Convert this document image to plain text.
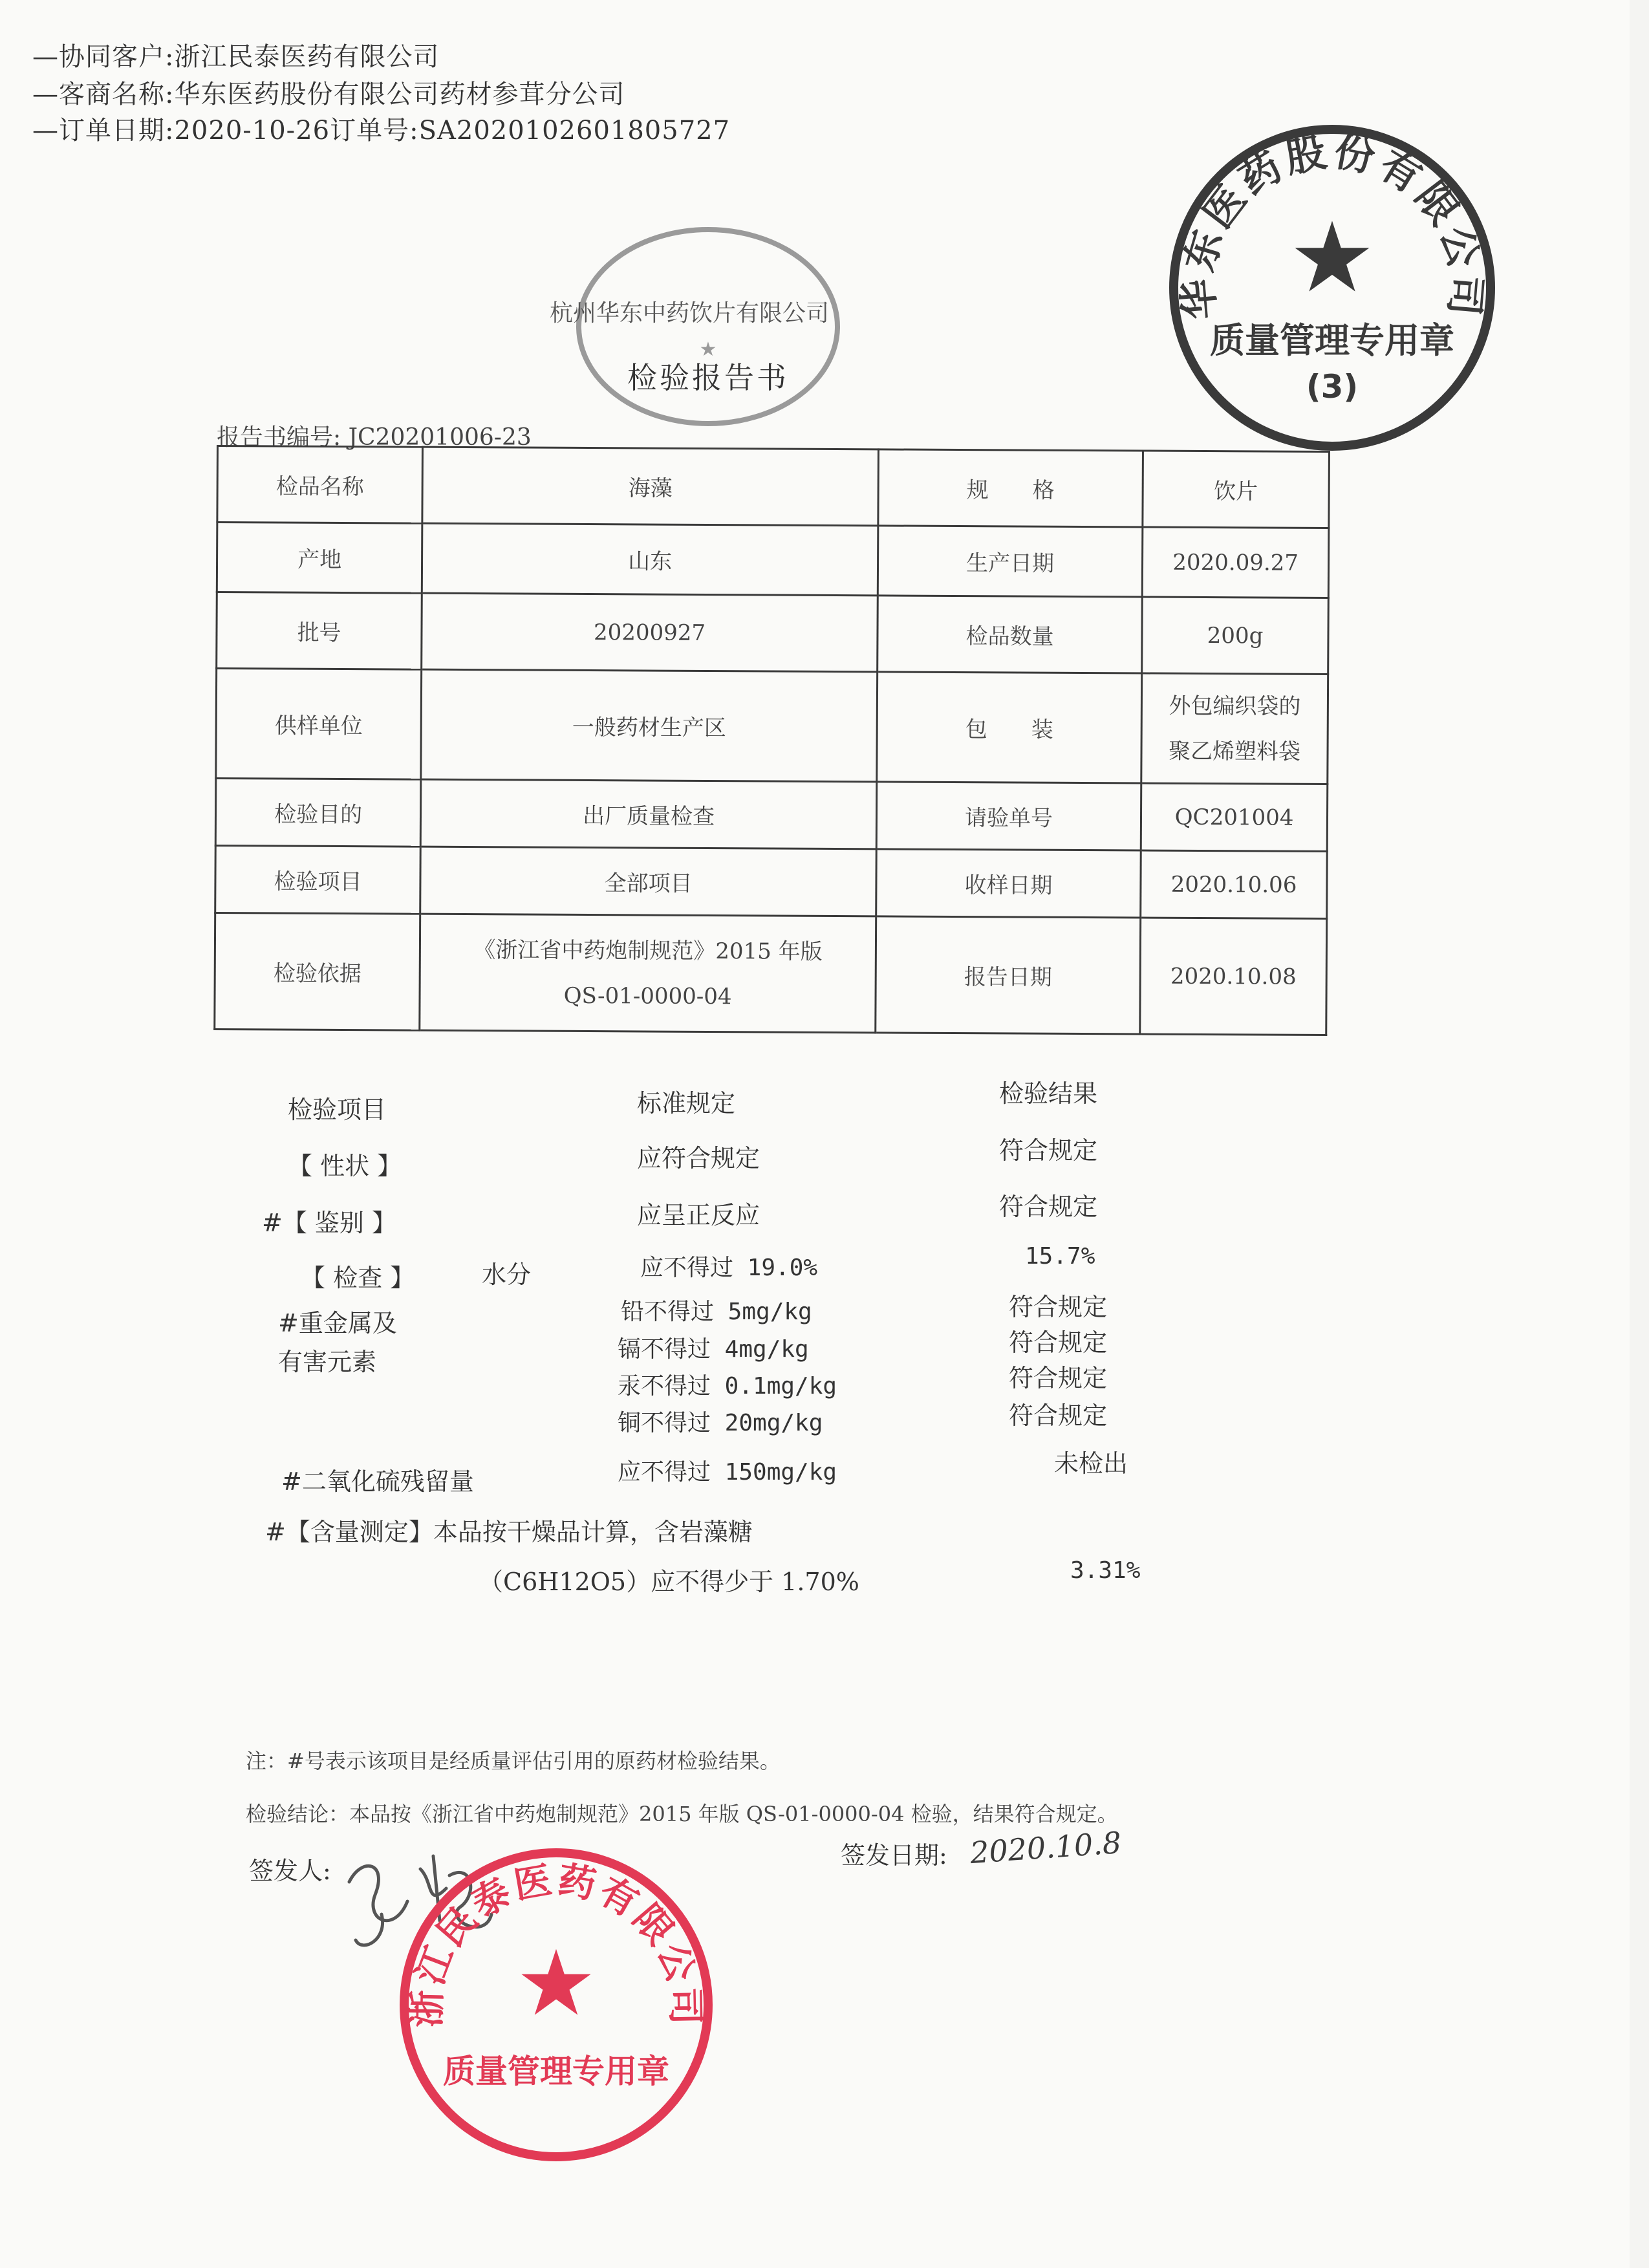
—协同客户:浙江民泰医药有限公司
—客商名称:华东医药股份有限公司药材参茸分公司
—订单日期:2020-10-26订单号:SA2020102601805727
★
杭州华东中药饮片有限公司
检验报告书
华东医药股份有限公司
★
质量管理专用章
(3)
报告书编号: JC20201006-23
检品名称	海藻	规　　格	饮片
产地	山东	生产日期	2020.09.27
批号	20200927	检品数量	200g
供样单位	一般药材生产区	包　　装	外包编织袋的
聚乙烯塑料袋

检验目的	出厂质量检查	请验单号	QC201004
检验项目	全部项目	收样日期	2020.10.06
检验依据	《浙江省中药炮制规范》2015 年版
QS-01-0000-04	报告日期	2020.10.08
检验项目	标准规定	检验结果
【 性状 】	应符合规定	符合规定
#【 鉴别 】	应呈正反应	符合规定
【 检查 】	水分	应不得过 19.0%	15.7%
#重金属及
有害元素
铅不得过 5mg/kg	符合规定
镉不得过 4mg/kg	符合规定
汞不得过 0.1mg/kg	符合规定
铜不得过 20mg/kg	符合规定
#二氧化硫残留量	应不得过 150mg/kg	未检出
#【含量测定】本品按干燥品计算，含岩藻糖
（C6H12O5）应不得少于 1.70%	3.31%
注：#号表示该项目是经质量评估引用的原药材检验结果。
检验结论：本品按《浙江省中药炮制规范》2015 年版 QS-01-0000-04 检验，结果符合规定。
签发人:
签发日期: 2020.10.8
浙江民泰医药有限公司
★
质量管理专用章
